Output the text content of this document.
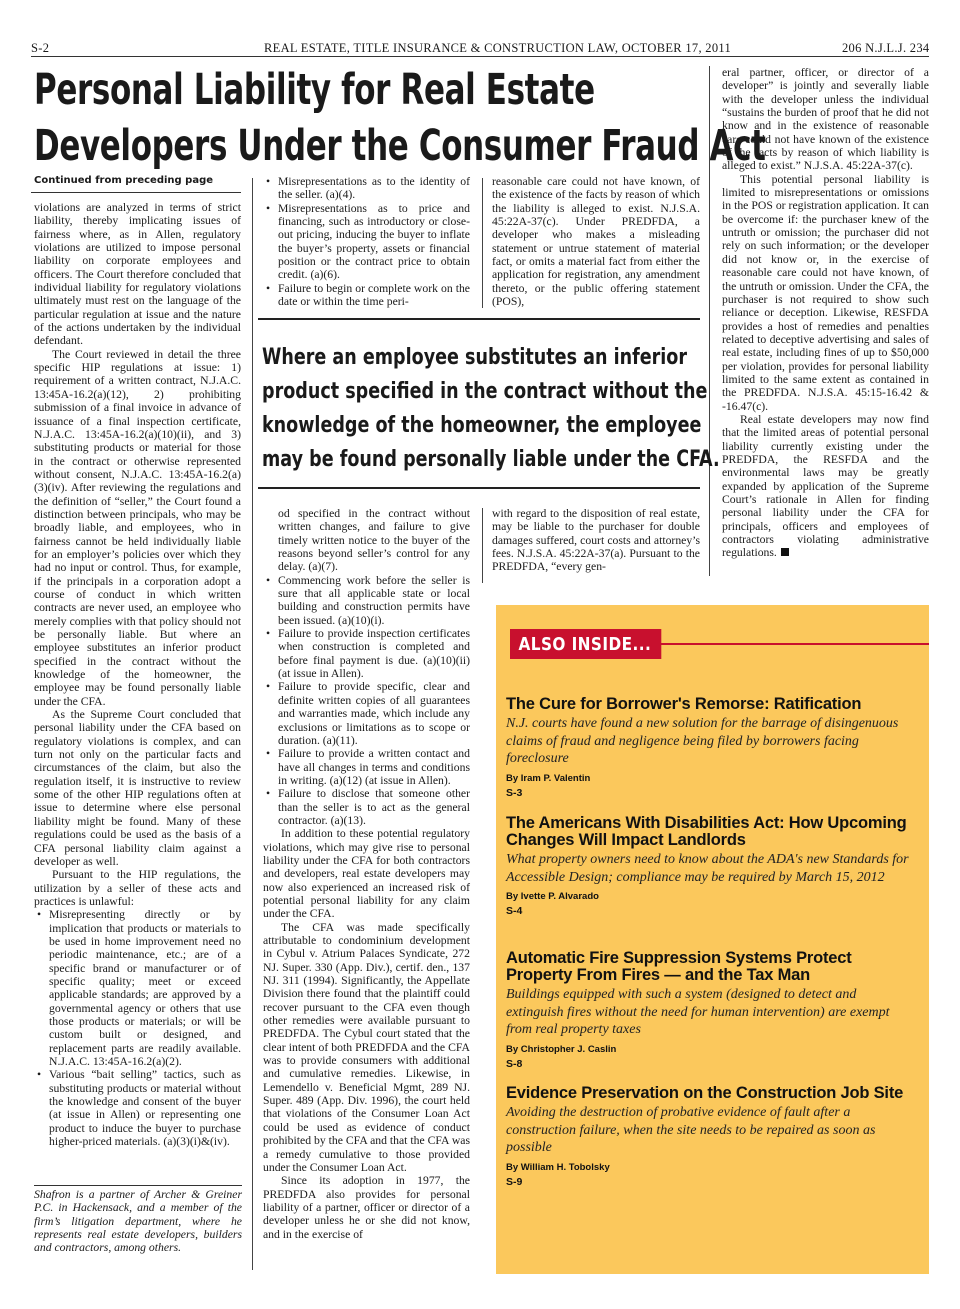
S-2	REAL ESTATE, TITLE INSURANCE & CONSTRUCTION LAW, OCTOBER 17, 2011	206 N.J.L.J. 234
Personal Liability for Real Estate
Developers Under the Consumer Fraud Act
Continued from preceding page

violations are analyzed in terms of strict liability, thereby implicating issues of fairness where, as in Allen, regulatory violations are utilized to impose personal liability on corporate employees and officers. The Court therefore concluded that individual liability for regulatory violations ultimately must rest on the language of the particular regulation at issue and the nature of the actions undertaken by the individual defendant.

The Court reviewed in detail the three specific HIP regulations at issue: 1) requirement of a written contract, N.J.A.C. 13:45A-16.2(a)(12), 2) prohibiting submission of a final invoice in advance of issuance of a final inspection certificate, N.J.A.C. 13:45A-16.2(a)(10)(ii), and 3) substituting products or material for those in the contract or otherwise represented without consent, N.J.A.C. 13:45A-16.2(a)(3)(iv). After reviewing the regulations and the definition of “seller,” the Court found a distinction between principals, who may be broadly liable, and employees, who in fairness cannot be held individually liable for an employer’s policies over which they had no input or control. Thus, for example, if the principals in a corporation adopt a course of conduct in which written contracts are never used, an employee who merely complies with that policy should not be personally liable. But where an employee substitutes an inferior product specified in the contract without the knowledge of the homeowner, the employee may be found personally liable under the CFA.

As the Supreme Court concluded that personal liability under the CFA based on regulatory violations is complex, and can turn not only on the particular facts and circumstances of the claim, but also the regulation itself, it is instructive to review some of the other HIP regulations often at issue to determine where else personal liability might be found. Many of these regulations could be used as the basis of a CFA personal liability claim against a developer as well.

Pursuant to the HIP regulations, the utilization by a seller of these acts and practices is unlawful:

• Misrepresenting directly or by implication that products or materials to be used in home improvement need no periodic maintenance, etc.; are of a specific brand or manufacturer or of specific quality; meet or exceed applicable standards; are approved by a governmental agency or others that use those products or materials; or will be custom built or designed, and replacement parts are readily available. N.J.A.C. 13:45A-16.2(a)(2).
• Various “bait selling” tactics, such as substituting products or material without the knowledge and consent of the buyer (at issue in Allen) or representing one product to induce the buyer to purchase higher-priced materials. (a)(3)(i)&(iv).
Shafron is a partner of Archer & Greiner P.C. in Hackensack, and a member of the firm’s litigation department, where he represents real estate developers, builders and contractors, among others.
• Misrepresentations as to the identity of the seller. (a)(4).
• Misrepresentations as to price and financing, such as introductory or close-out pricing, inducing the buyer to inflate the buyer’s property, assets or financial position or the contract price to obtain credit. (a)(6).
• Failure to begin or complete work on the date or within the time peri-

reasonable care could not have known, of the existence of the facts by reason of which the liability is alleged to exist. N.J.S.A. 45:22A-37(c). Under PREDFDA, a developer who makes a misleading statement or untrue statement of material fact, or omits a material fact from either the application for registration, any amendment thereto, or the public offering statement (POS),

Where an employee substitutes an inferior
product specified in the contract without the
knowledge of the homeowner, the employee
may be found personally liable under the CFA.

od specified in the contract without written changes, and failure to give timely written notice to the buyer of the reasons beyond seller’s control for any delay. (a)(7).

• Commencing work before the seller is sure that all applicable state or local building and construction permits have been issued. (a)(10)(i).
• Failure to provide inspection certificates when construction is completed and before final payment is due. (a)(10)(ii) (at issue in Allen).
• Failure to provide specific, clear and definite written copies of all guarantees and warranties made, which include any exclusions or limitations as to scope or duration. (a)(11).
• Failure to provide a written contact and have all changes in terms and conditions in writing. (a)(12) (at issue in Allen).
• Failure to disclose that someone other than the seller is to act as the general contractor. (a)(13).

In addition to these potential regulatory violations, which may give rise to personal liability under the CFA for both contractors and developers, real estate developers may now also experienced an increased risk of potential personal liability for any claim under the CFA.

The CFA was made specifically attributable to condominium development in Cybul v. Atrium Palaces Syndicate, 272 NJ. Super. 330 (App. Div.), certif. den., 137 NJ. 311 (1994). Significantly, the Appellate Division there found that the plaintiff could recover pursuant to the CFA even though other remedies were available pursuant to PREDFDA. The Cybul court stated that the clear intent of both PREDFDA and the CFA was to provide consumers with additional and cumulative remedies. Likewise, in Lemendello v. Beneficial Mgmt, 289 NJ. Super. 489 (App. Div. 1996), the court held that violations of the Consumer Loan Act could be used as evidence of conduct prohibited by the CFA and that the CFA was a remedy cumulative to those provided under the Consumer Loan Act.

Since its adoption in 1977, the PREDFDA also provides for personal liability of a partner, officer or director of a developer unless he or she did not know, and in the exercise of

with regard to the disposition of real estate, may be liable to the purchaser for double damages suffered, court costs and attorney’s fees. N.J.S.A. 45:22A-37(a). Pursuant to the PREDFDA, “every gen-

eral partner, officer, or director of a developer” is jointly and severally liable with the developer unless the individual “sustains the burden of proof that he did not know and in the existence of reasonable care could not have known of the existence of the facts by reason of which liability is alleged to exist.” N.J.S.A. 45:22A-37(c).

This potential personal liability is limited to misrepresentations or omissions in the POS or registration application. It can be overcome if: the purchaser knew of the untruth or omission; the purchaser did not rely on such information; or the developer did not know or, in the exercise of reasonable care could not have known, of the untruth or omission. Under the CFA, the purchaser is not required to show such reliance or deception. Likewise, RESFDA provides a host of remedies and penalties related to deceptive advertising and sales of real estate, including fines of up to $50,000 per violation, provides for personal liability limited to the same extent as contained in the PREDFDA. N.J.S.A. 45:15-16.42 & -16.47(c).

Real estate developers may now find that the limited areas of potential personal liability currently existing under the PREDFDA, the RESFDA and the environmental laws may be greatly expanded by application of the Supreme Court’s rationale in Allen for finding personal liability under the CFA for principals, officers and employees of contractors violating administrative regulations.

ALSO INSIDE...
The Cure for Borrower's Remorse: Ratification
N.J. courts have found a new solution for the barrage of disingenuous claims of fraud and negligence being filed by borrowers facing foreclosure
By Iram P. Valentin
S-3
The Americans With Disabilities Act: How Upcoming Changes Will Impact Landlords
What property owners need to know about the ADA's new Standards for Accessible Design; compliance may be required by March 15, 2012
By Ivette P. Alvarado
S-4
Automatic Fire Suppression Systems Protect Property From Fires — and the Tax Man
Buildings equipped with such a system (designed to detect and extinguish fires without the need for human intervention) are exempt from real property taxes
By Christopher J. Caslin
S-8
Evidence Preservation on the Construction Job Site
Avoiding the destruction of probative evidence of fault after a construction failure, when the site needs to be repaired as soon as possible
By William H. Tobolsky
S-9
